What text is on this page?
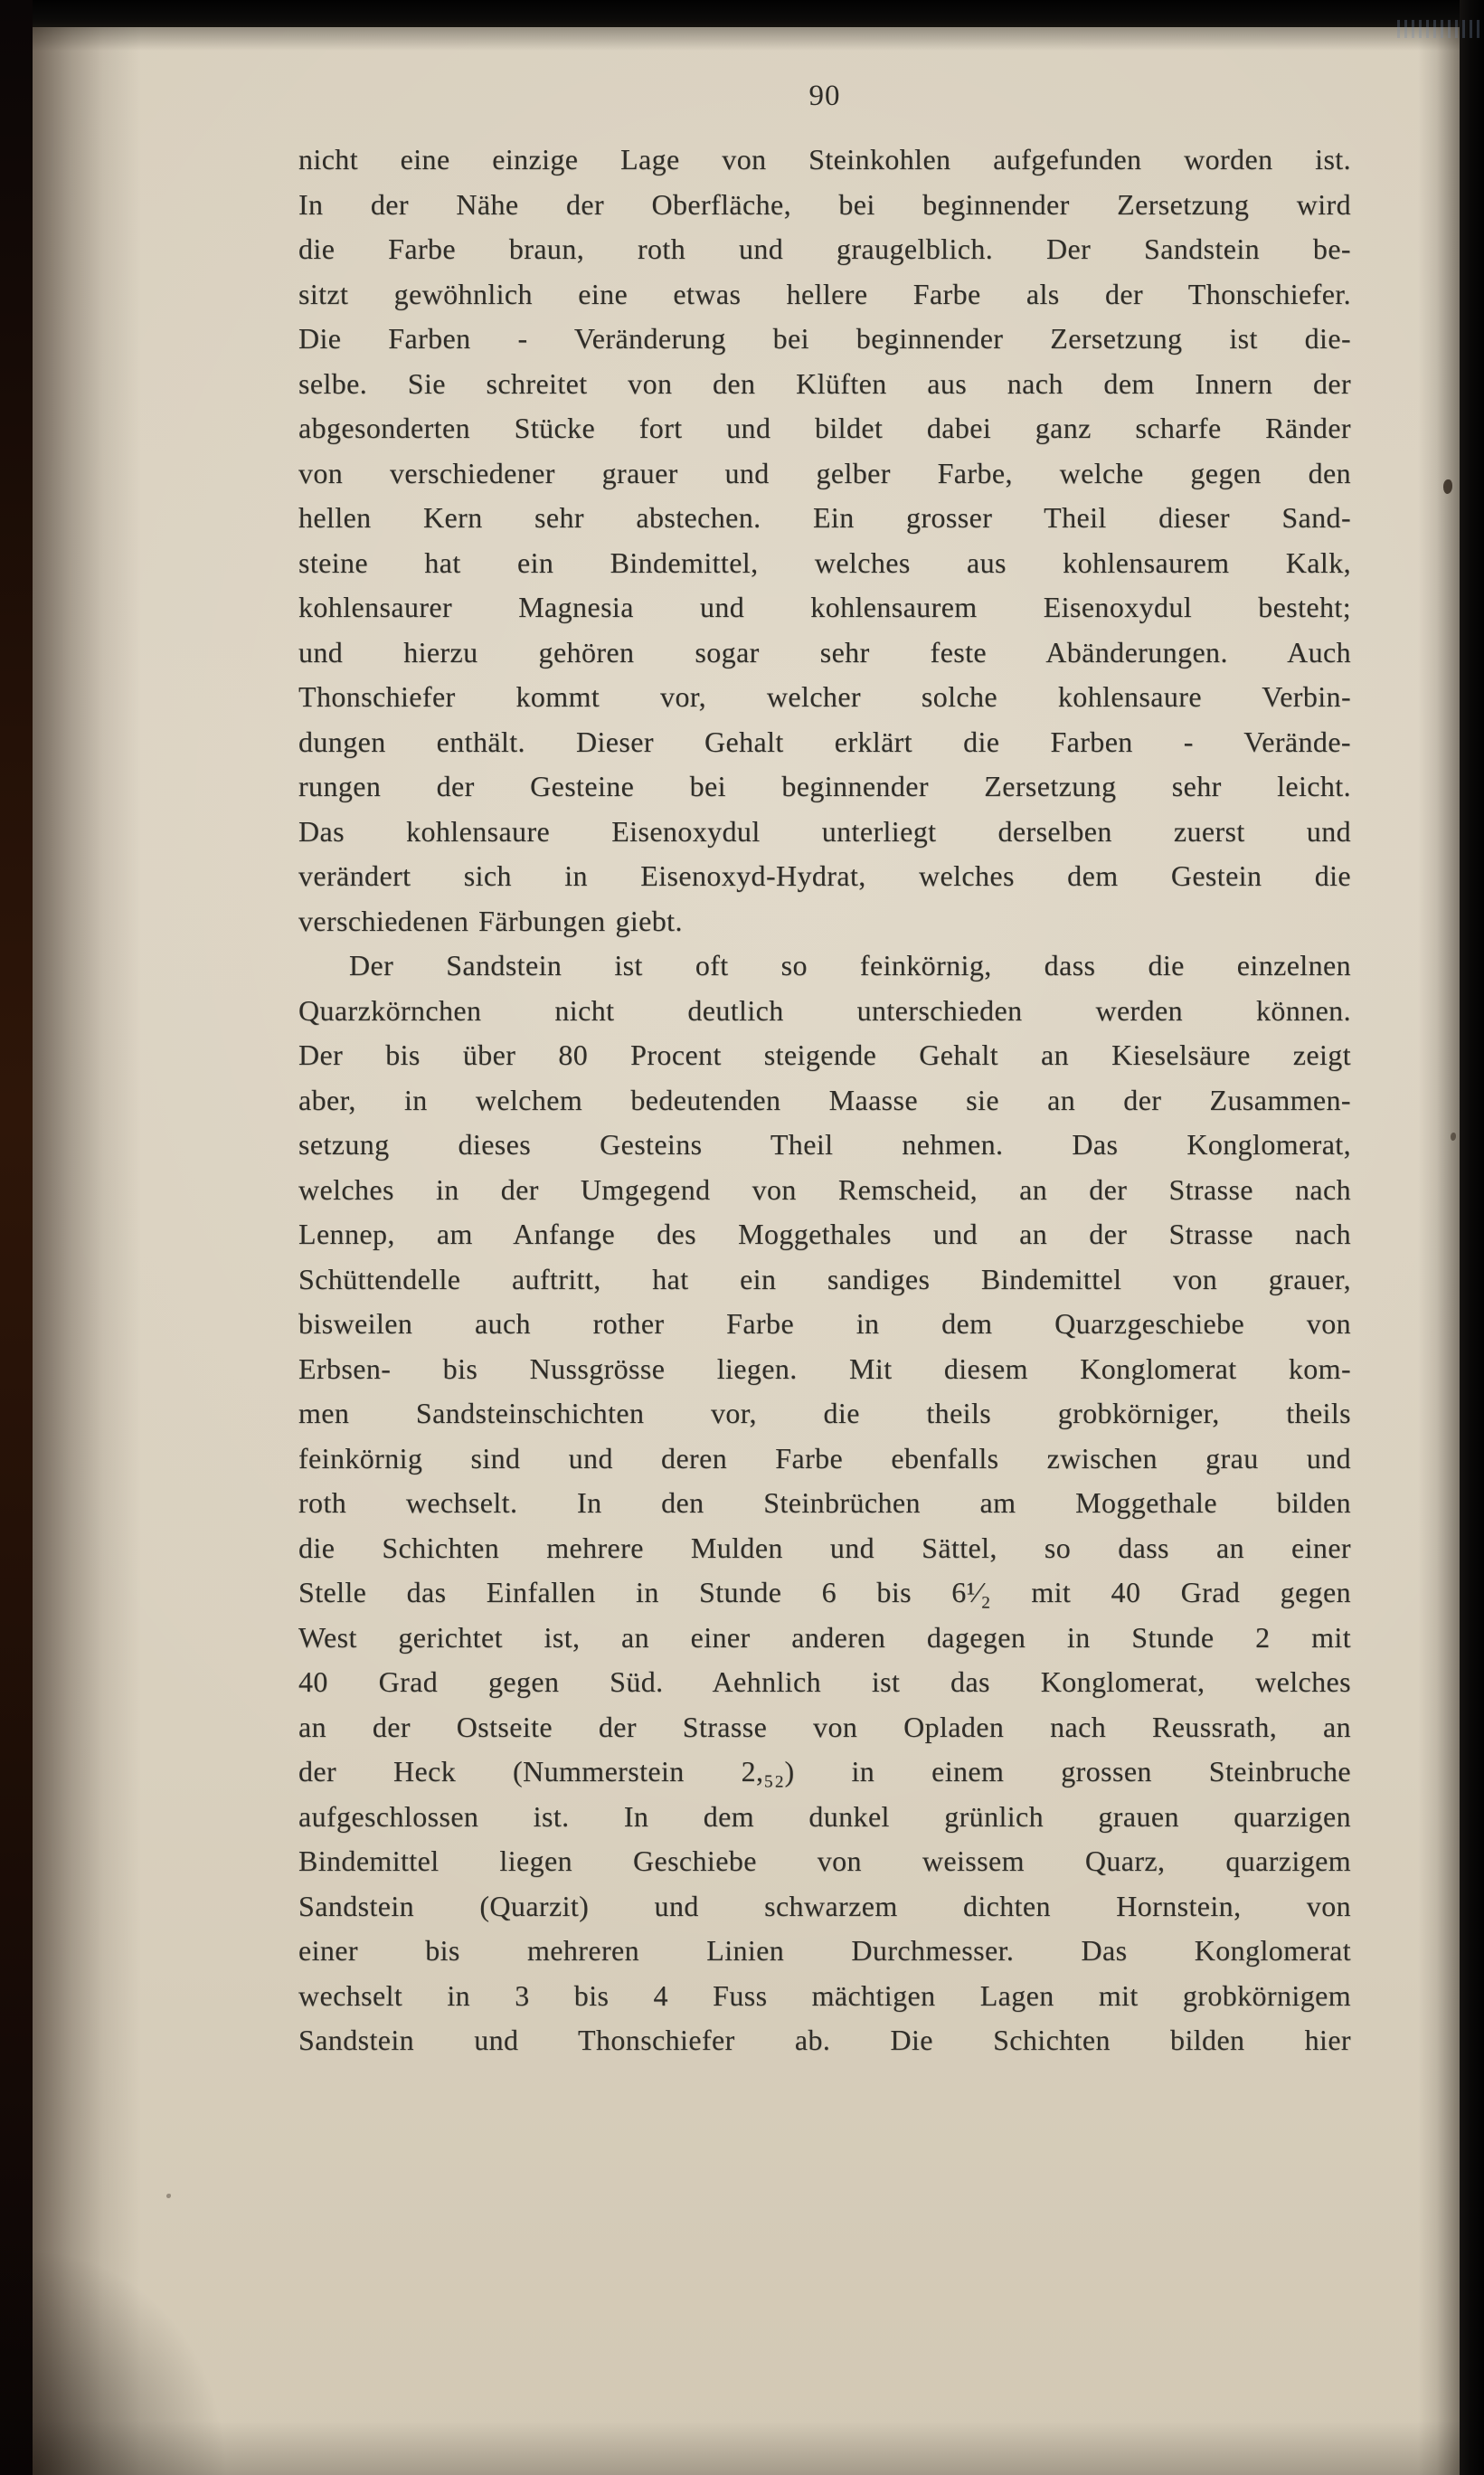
90
nicht eine einzige Lage von Steinkohlen aufgefunden worden ist.
In der Nähe der Oberfläche, bei beginnender Zersetzung wird
die Farbe braun, roth und graugelblich. Der Sandstein be-
sitzt gewöhnlich eine etwas hellere Farbe als der Thonschiefer.
Die Farben - Veränderung bei beginnender Zersetzung ist die-
selbe. Sie schreitet von den Klüften aus nach dem Innern der
abgesonderten Stücke fort und bildet dabei ganz scharfe Ränder
von verschiedener grauer und gelber Farbe, welche gegen den
hellen Kern sehr abstechen. Ein grosser Theil dieser Sand-
steine hat ein Bindemittel, welches aus kohlensaurem Kalk,
kohlensaurer Magnesia und kohlensaurem Eisenoxydul besteht;
und hierzu gehören sogar sehr feste Abänderungen. Auch
Thonschiefer kommt vor, welcher solche kohlensaure Verbin-
dungen enthält. Dieser Gehalt erklärt die Farben - Verände-
rungen der Gesteine bei beginnender Zersetzung sehr leicht.
Das kohlensaure Eisenoxydul unterliegt derselben zuerst und
verändert sich in Eisenoxyd-Hydrat, welches dem Gestein die
verschiedenen Färbungen giebt.
Der Sandstein ist oft so feinkörnig, dass die einzelnen
Quarzkörnchen nicht deutlich unterschieden werden können.
Der bis über 80 Procent steigende Gehalt an Kieselsäure zeigt
aber, in welchem bedeutenden Maasse sie an der Zusammen-
setzung dieses Gesteins Theil nehmen. Das Konglomerat,
welches in der Umgegend von Remscheid, an der Strasse nach
Lennep, am Anfange des Moggethales und an der Strasse nach
Schüttendelle auftritt, hat ein sandiges Bindemittel von grauer,
bisweilen auch rother Farbe in dem Quarzgeschiebe von
Erbsen- bis Nussgrösse liegen. Mit diesem Konglomerat kom-
men Sandsteinschichten vor, die theils grobkörniger, theils
feinkörnig sind und deren Farbe ebenfalls zwischen grau und
roth wechselt. In den Steinbrüchen am Moggethale bilden
die Schichten mehrere Mulden und Sättel, so dass an einer
Stelle das Einfallen in Stunde 6 bis 6¹⁄₂ mit 40 Grad gegen
West gerichtet ist, an einer anderen dagegen in Stunde 2 mit
40 Grad gegen Süd. Aehnlich ist das Konglomerat, welches
an der Ostseite der Strasse von Opladen nach Reussrath, an
der Heck (Nummerstein 2,₅₂) in einem grossen Steinbruche
aufgeschlossen ist. In dem dunkel grünlich grauen quarzigen
Bindemittel liegen Geschiebe von weissem Quarz, quarzigem
Sandstein (Quarzit) und schwarzem dichten Hornstein, von
einer bis mehreren Linien Durchmesser. Das Konglomerat
wechselt in 3 bis 4 Fuss mächtigen Lagen mit grobkörnigem
Sandstein und Thonschiefer ab. Die Schichten bilden hier
